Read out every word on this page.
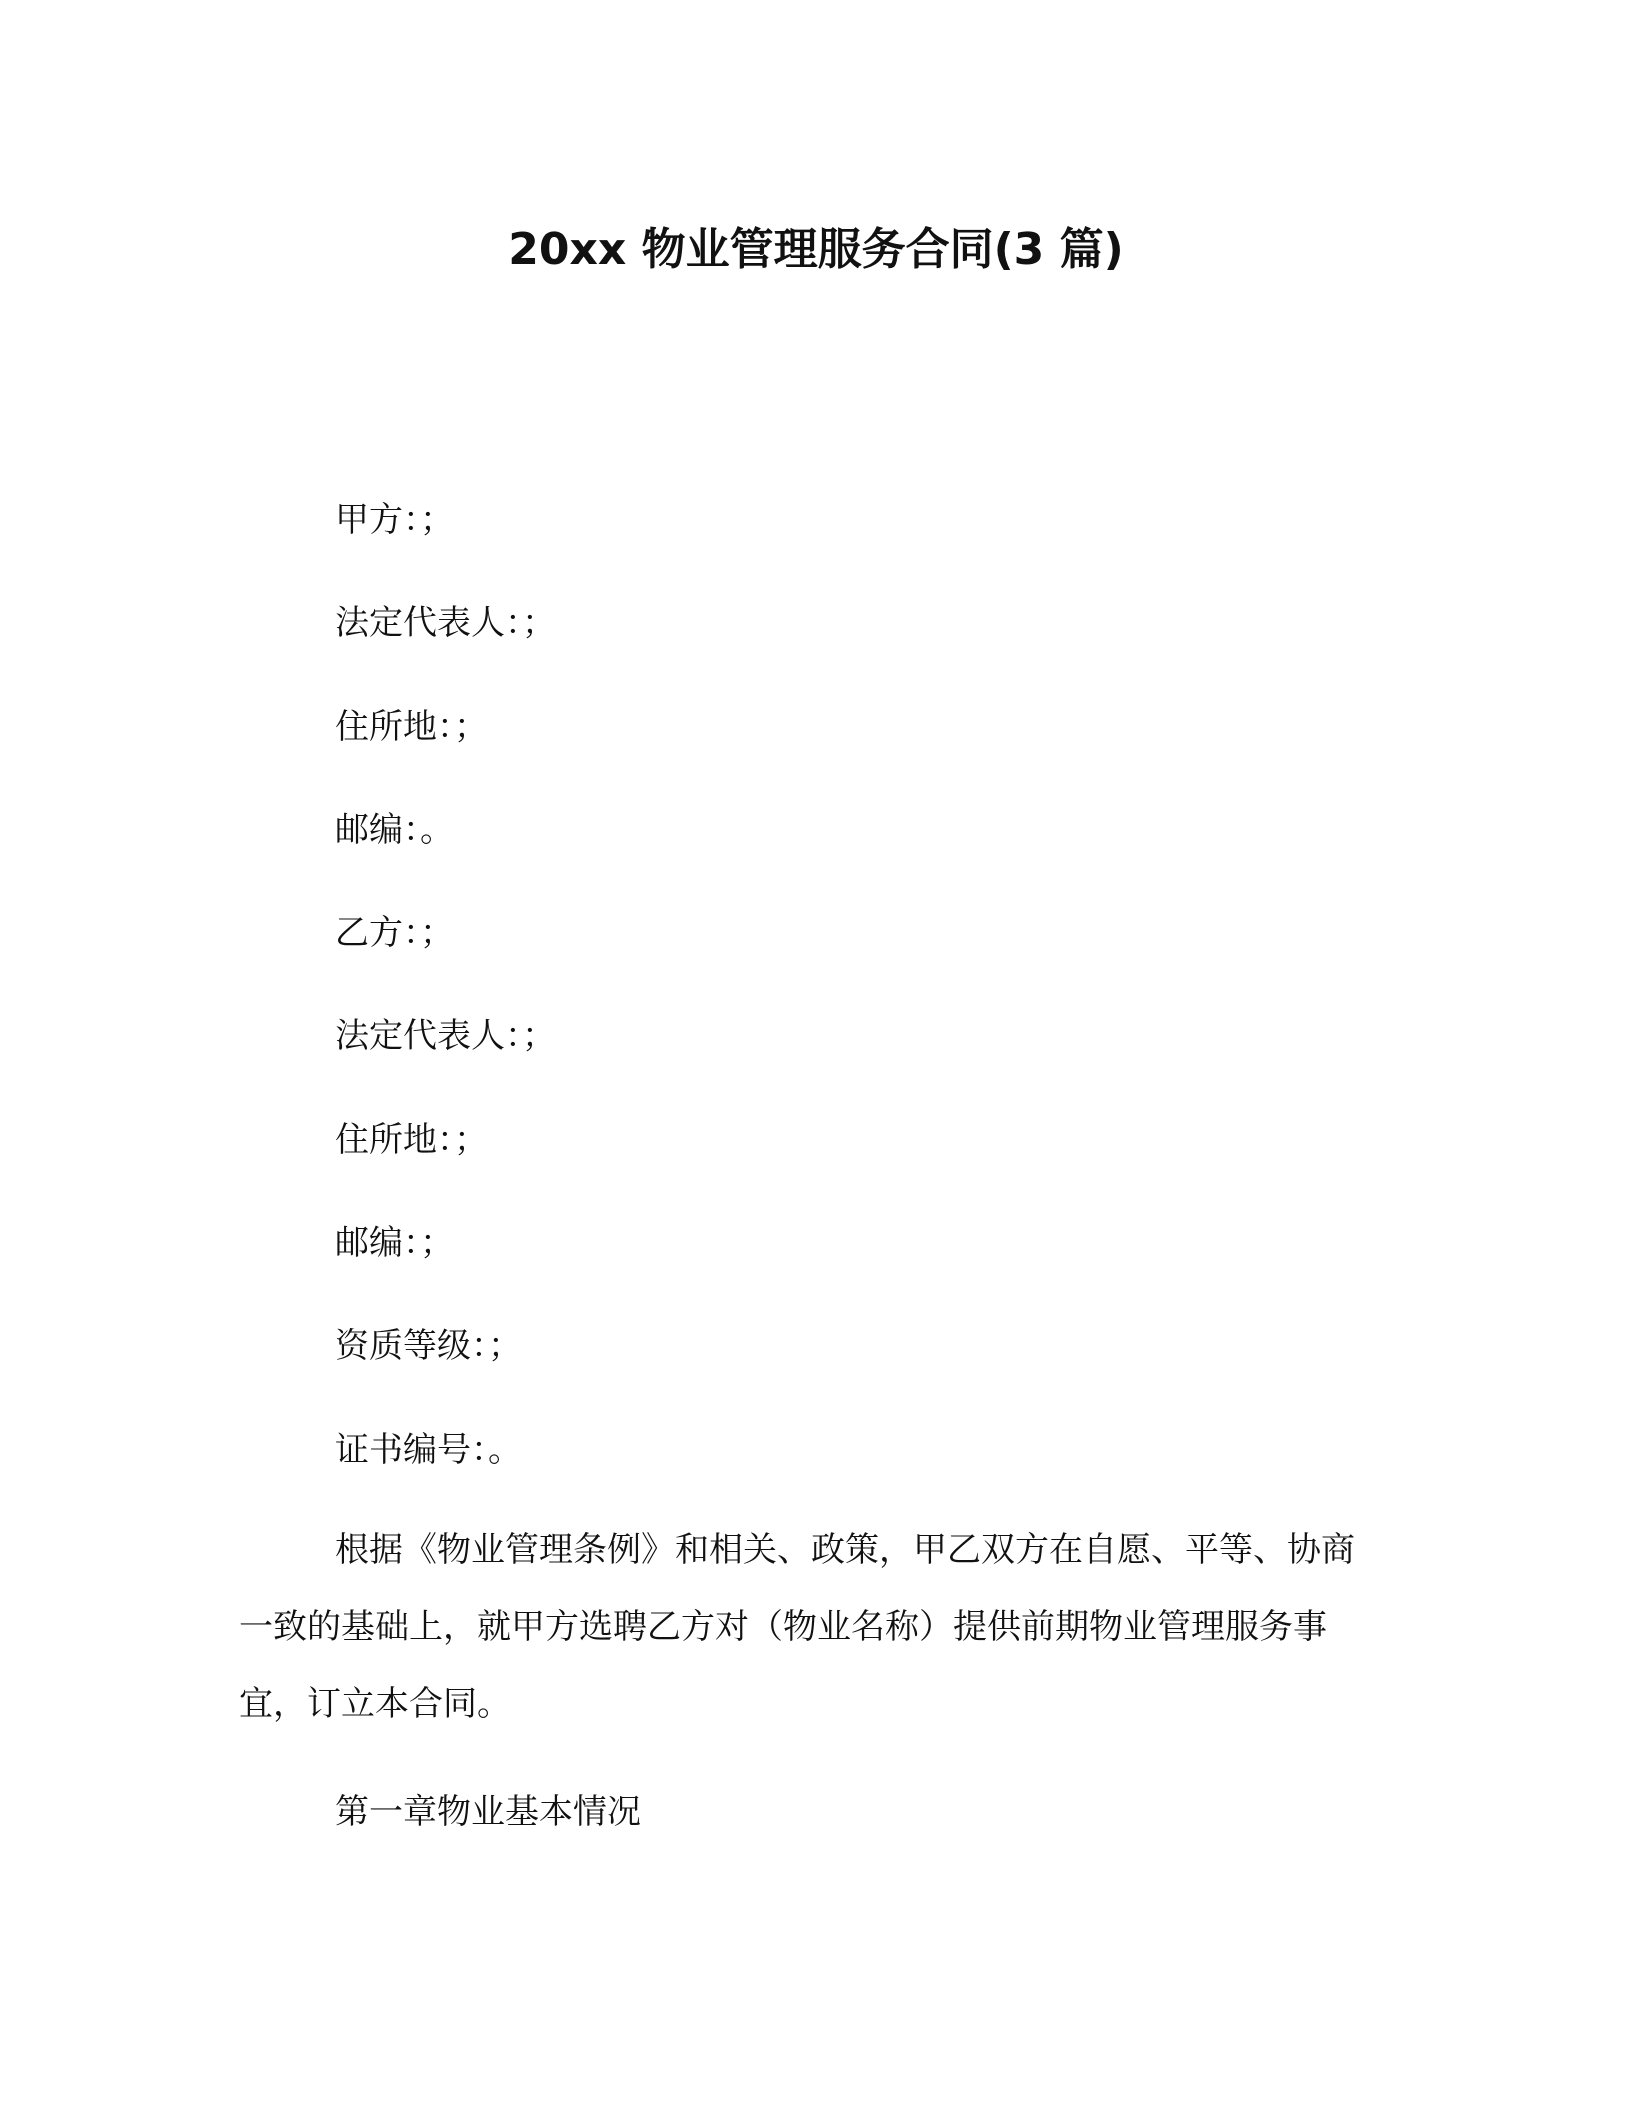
20xx 物业管理服务合同(3 篇)
甲方：；
法定代表人：；
住所地：；
邮编：。
乙方：；
法定代表人：；
住所地：；
邮编：；
资质等级：；
证书编号：。
根据《物业管理条例》和相关、政策，甲乙双方在自愿、平等、协商一致的基础上，就甲方选聘乙方对（物业名称）提供前期物业管理服务事宜，订立本合同。
第一章物业基本情况
